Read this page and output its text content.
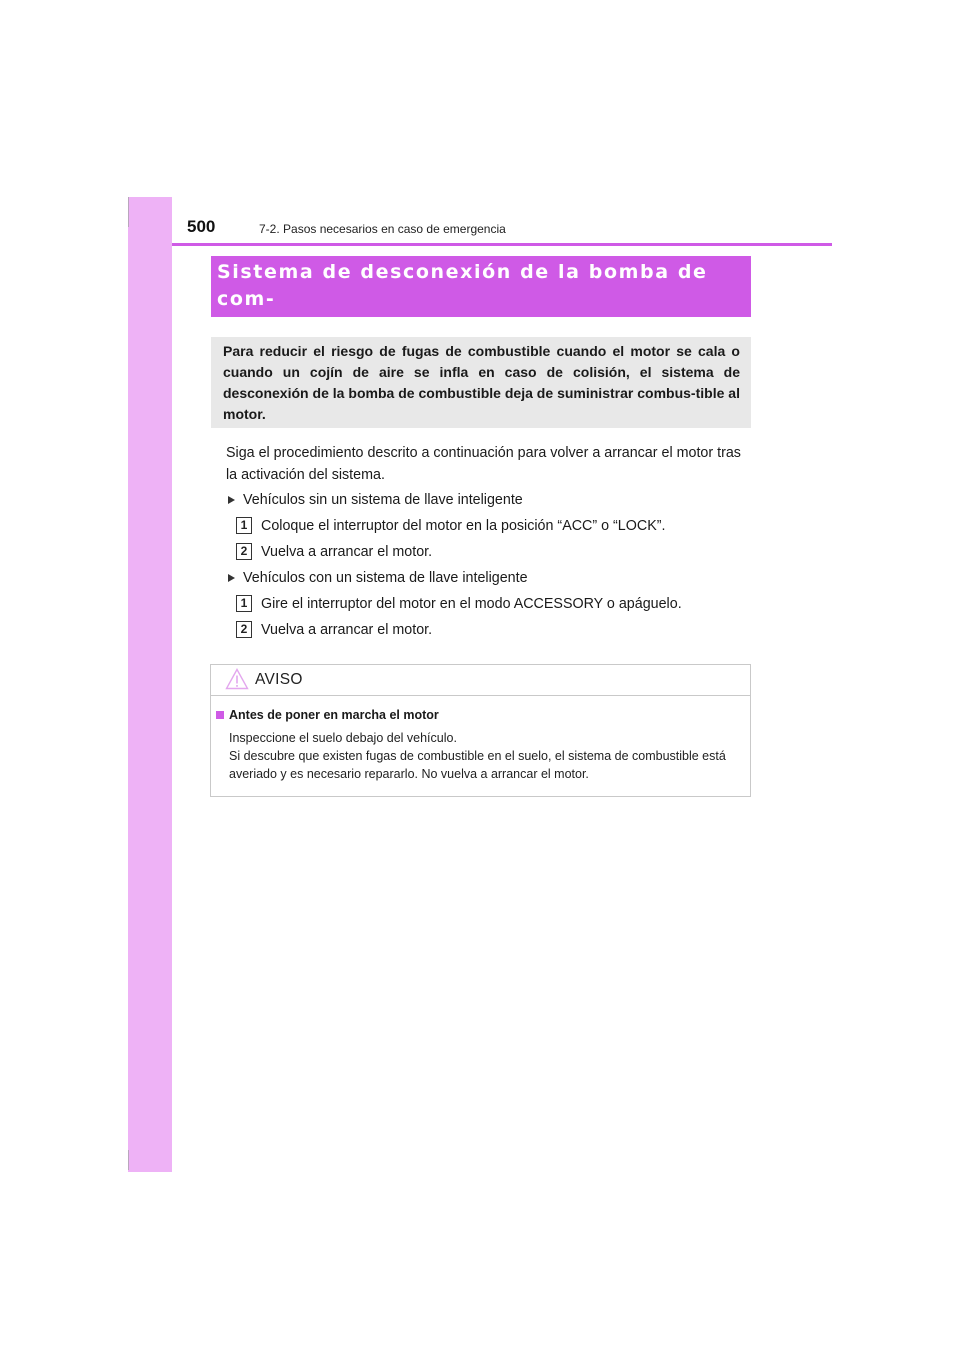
500	7-2. Pasos necesarios en caso de emergencia
Sistema de desconexión de la bomba de com-
bustible (motor de gasolina)
Para reducir el riesgo de fugas de combustible cuando el motor se cala o cuando un cojín de aire se infla en caso de colisión, el sistema de desconexión de la bomba de combustible deja de suministrar combus-tible al motor.
Siga el procedimiento descrito a continuación para volver a arrancar el motor tras la activación del sistema.
Vehículos sin un sistema de llave inteligente
1 Coloque el interruptor del motor en la posición “ACC” o “LOCK”.
2 Vuelva a arrancar el motor.
Vehículos con un sistema de llave inteligente
1 Gire el interruptor del motor en el modo ACCESSORY o apáguelo.
2 Vuelva a arrancar el motor.
AVISO
Antes de poner en marcha el motor
Inspeccione el suelo debajo del vehículo.
Si descubre que existen fugas de combustible en el suelo, el sistema de combustible está averiado y es necesario repararlo. No vuelva a arrancar el motor.
